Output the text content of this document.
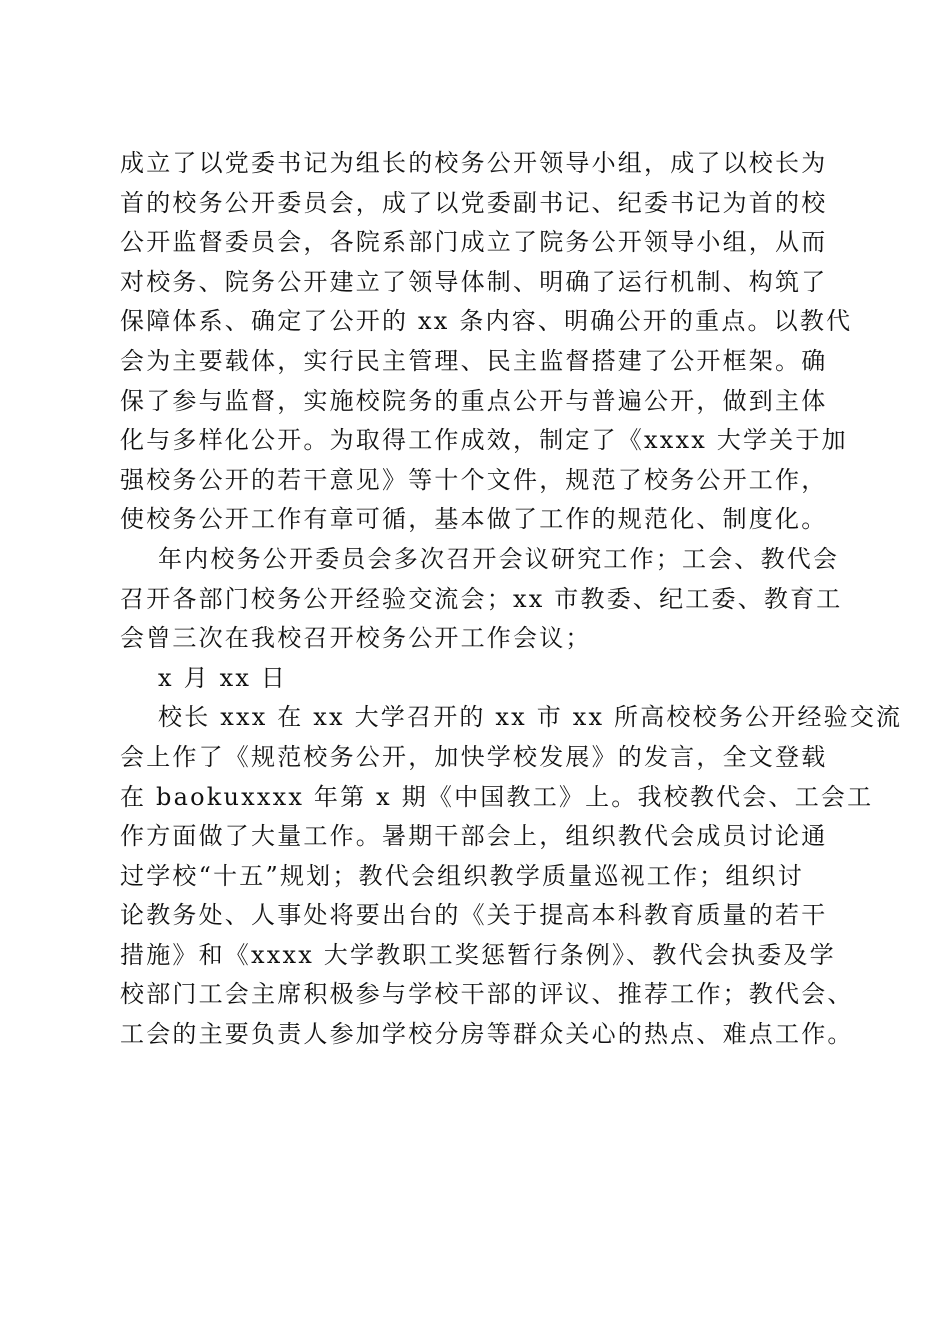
成立了以党委书记为组长的校务公开领导小组，成了以校长为
首的校务公开委员会，成了以党委副书记、纪委书记为首的校
公开监督委员会，各院系部门成立了院务公开领导小组，从而
对校务、院务公开建立了领导体制、明确了运行机制、构筑了
保障体系、确定了公开的 xx 条内容、明确公开的重点。以教代
会为主要载体，实行民主管理、民主监督搭建了公开框架。确
保了参与监督，实施校院务的重点公开与普遍公开，做到主体
化与多样化公开。为取得工作成效，制定了《xxxx 大学关于加
强校务公开的若干意见》等十个文件，规范了校务公开工作，
使校务公开工作有章可循，基本做了工作的规范化、制度化。
年内校务公开委员会多次召开会议研究工作；工会、教代会
召开各部门校务公开经验交流会；xx 市教委、纪工委、教育工
会曾三次在我校召开校务公开工作会议；
x 月 xx 日
校长 xxx 在 xx 大学召开的 xx 市 xx 所高校校务公开经验交流
会上作了《规范校务公开，加快学校发展》的发言，全文登载
在 baokuxxxx 年第 x 期《中国教工》上。我校教代会、工会工
作方面做了大量工作。暑期干部会上，组织教代会成员讨论通
过学校“十五”规划；教代会组织教学质量巡视工作；组织讨
论教务处、人事处将要出台的《关于提高本科教育质量的若干
措施》和《xxxx 大学教职工奖惩暂行条例》、教代会执委及学
校部门工会主席积极参与学校干部的评议、推荐工作；教代会、
工会的主要负责人参加学校分房等群众关心的热点、难点工作。
